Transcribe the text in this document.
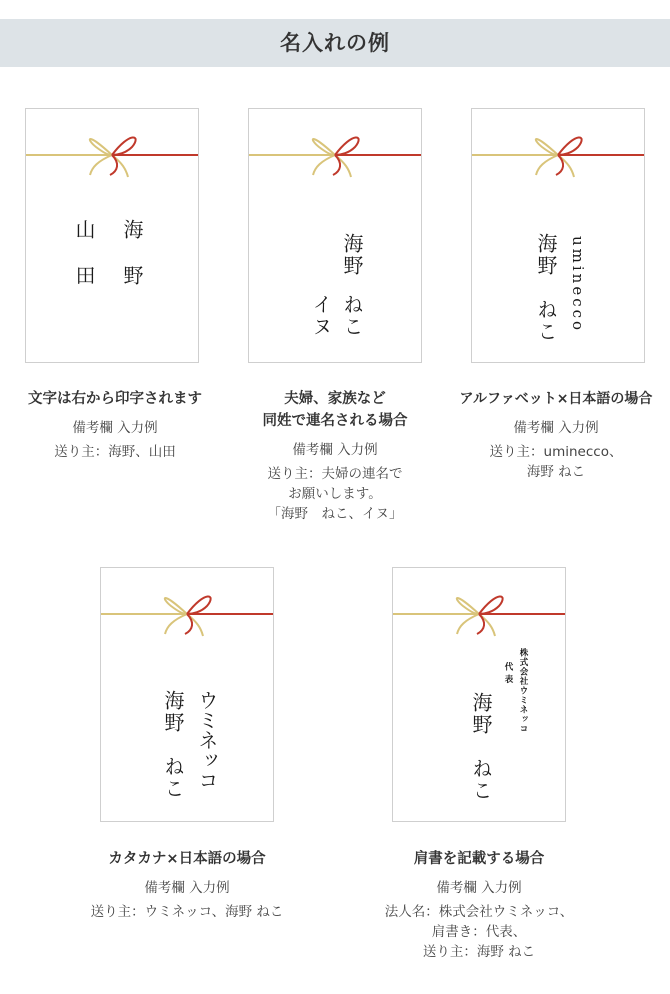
名入れの例
海野
山田	海野
ねこ
イヌ	uminecco
海野　ねこ
文字は右から印字されます
備考欄 入力例
送り主：海野、山田
夫婦、家族など
同姓で連名される場合
備考欄 入力例
送り主：夫婦の連名で
お願いします。
「海野　ねこ、イヌ」
アルファベット×日本語の場合
備考欄 入力例
送り主：uminecco、
海野 ねこ
ウミネッコ
海野　ねこ	株式会社ウミネッコ
代表
海野　ねこ
カタカナ×日本語の場合
備考欄 入力例
送り主：ウミネッコ、海野 ねこ
肩書を記載する場合
備考欄 入力例
法人名：株式会社ウミネッコ、
肩書き：代表、
送り主：海野 ねこ
